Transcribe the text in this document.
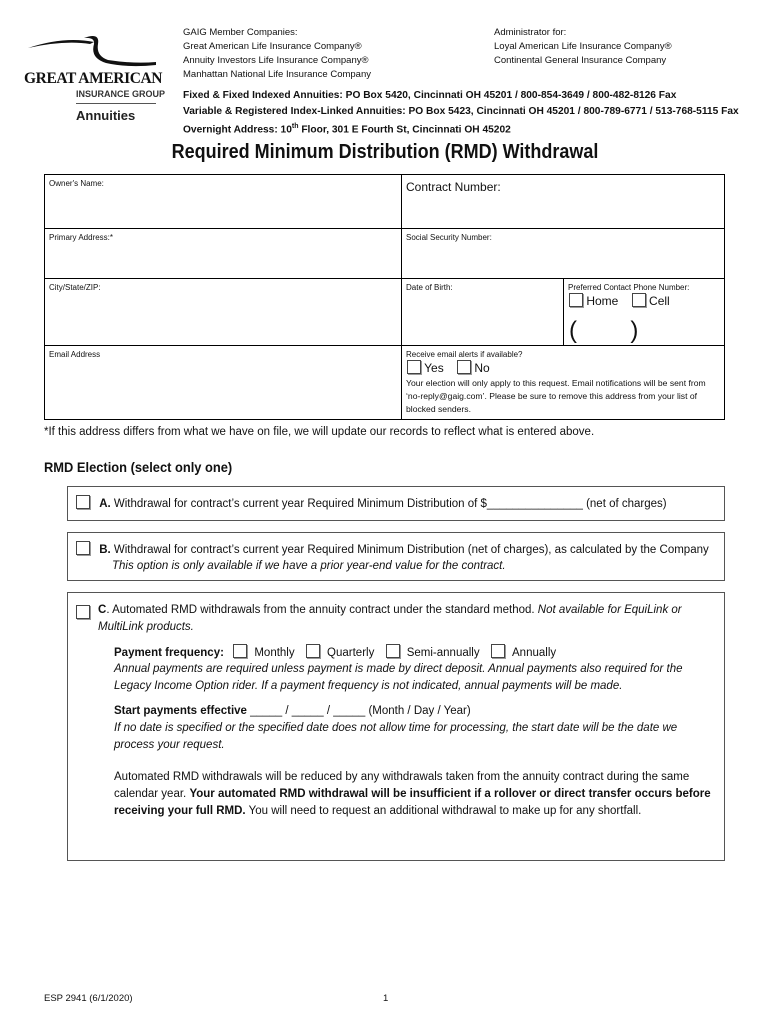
GREAT AMERICAN
INSURANCE GROUP
Annuities
GAIG Member Companies:
Great American Life Insurance Company®
Annuity Investors Life Insurance Company®
Manhattan National Life Insurance Company
Administrator for:
Loyal American Life Insurance Company®
Continental General Insurance Company
Fixed & Fixed Indexed Annuities: PO Box 5420, Cincinnati OH 45201 / 800-854-3649 / 800-482-8126 Fax
Variable & Registered Index-Linked Annuities: PO Box 5423, Cincinnati OH 45201 / 800-789-6771 / 513-768-5115 Fax
Overnight Address: 10th Floor, 301 E Fourth St, Cincinnati OH 45202
Required Minimum Distribution (RMD) Withdrawal
Owner's Name:	Contract Number:
Primary Address:*	Social Security Number:
City/State/ZIP:	Date of Birth:	Preferred Contact Phone Number:
Home	Cell
(        )
Email Address	Receive email alerts if available?
Yes	No
Your election will only apply to this request. Email notifications will be sent from ‘no-reply@gaig.com’. Please be sure to remove this address from your list of blocked senders.
*If this address differs from what we have on file, we will update our records to reflect what is entered above.
RMD Election (select only one)
A. Withdrawal for contract’s current year Required Minimum Distribution of $_______________ (net of charges)
B. Withdrawal for contract’s current year Required Minimum Distribution (net of charges), as calculated by the Company
This option is only available if we have a prior year-end value for the contract.
C. Automated RMD withdrawals from the annuity contract under the standard method. Not available for EquiLink or MultiLink products.
Payment frequency:	Monthly	Quarterly	Semi-annually	Annually
Annual payments are required unless payment is made by direct deposit. Annual payments also required for the Legacy Income Option rider. If a payment frequency is not indicated, annual payments will be made.
Start payments effective _____ / _____ / _____ (Month / Day / Year)
If no date is specified or the specified date does not allow time for processing, the start date will be the date we process your request.
Automated RMD withdrawals will be reduced by any withdrawals taken from the annuity contract during the same calendar year. Your automated RMD withdrawal will be insufficient if a rollover or direct transfer occurs before receiving your full RMD. You will need to request an additional withdrawal to make up for any shortfall.
ESP 2941 (6/1/2020)	1
